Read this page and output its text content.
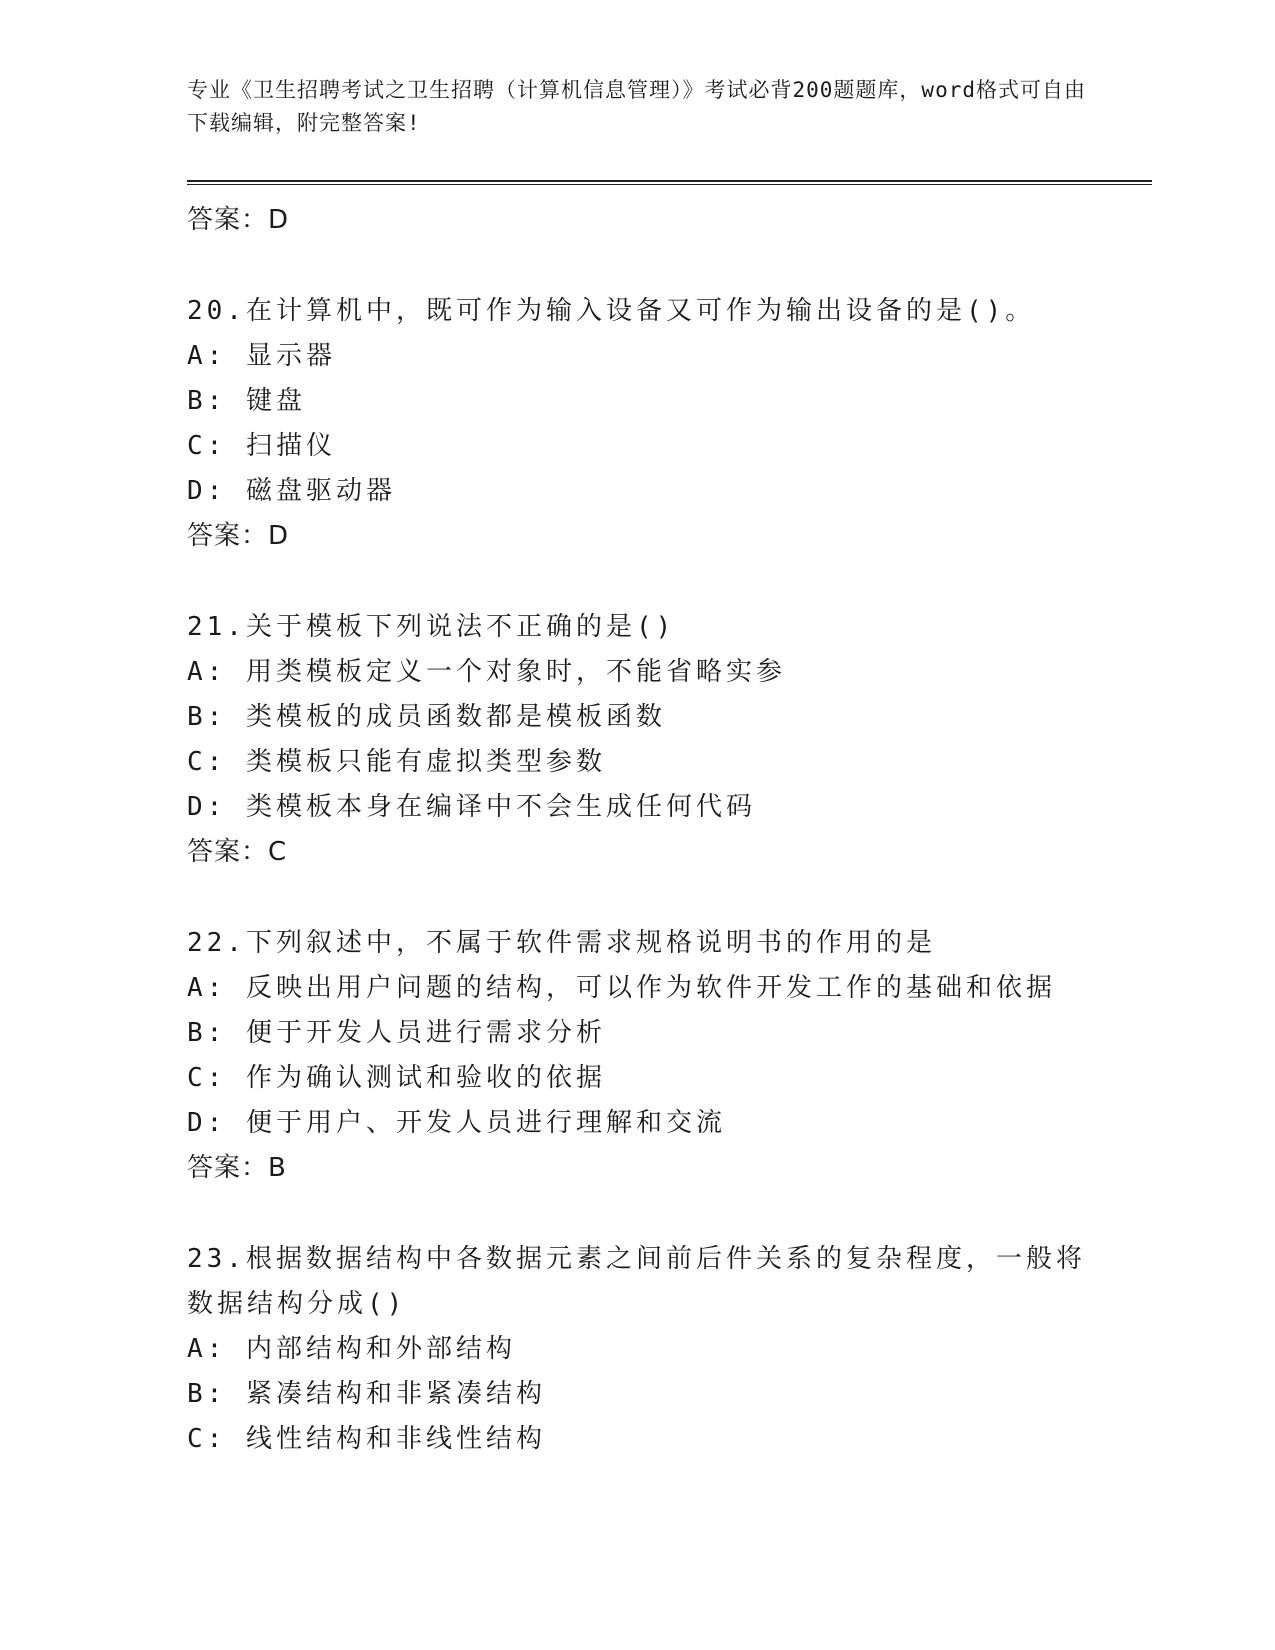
专业《卫生招聘考试之卫生招聘（计算机信息管理）》考试必背200题题库，word格式可自由下载编辑，附完整答案!
答案：D
20.在计算机中，既可作为输入设备又可作为输出设备的是()。
A: 显示器
B: 键盘
C: 扫描仪
D: 磁盘驱动器
答案：D
21.关于模板下列说法不正确的是()
A: 用类模板定义一个对象时，不能省略实参
B: 类模板的成员函数都是模板函数
C: 类模板只能有虚拟类型参数
D: 类模板本身在编译中不会生成任何代码
答案：C
22.下列叙述中，不属于软件需求规格说明书的作用的是
A: 反映出用户问题的结构，可以作为软件开发工作的基础和依据
B: 便于开发人员进行需求分析
C: 作为确认测试和验收的依据
D: 便于用户、开发人员进行理解和交流
答案：B
23.根据数据结构中各数据元素之间前后件关系的复杂程度，一般将数据结构分成()
A: 内部结构和外部结构
B: 紧凑结构和非紧凑结构
C: 线性结构和非线性结构
